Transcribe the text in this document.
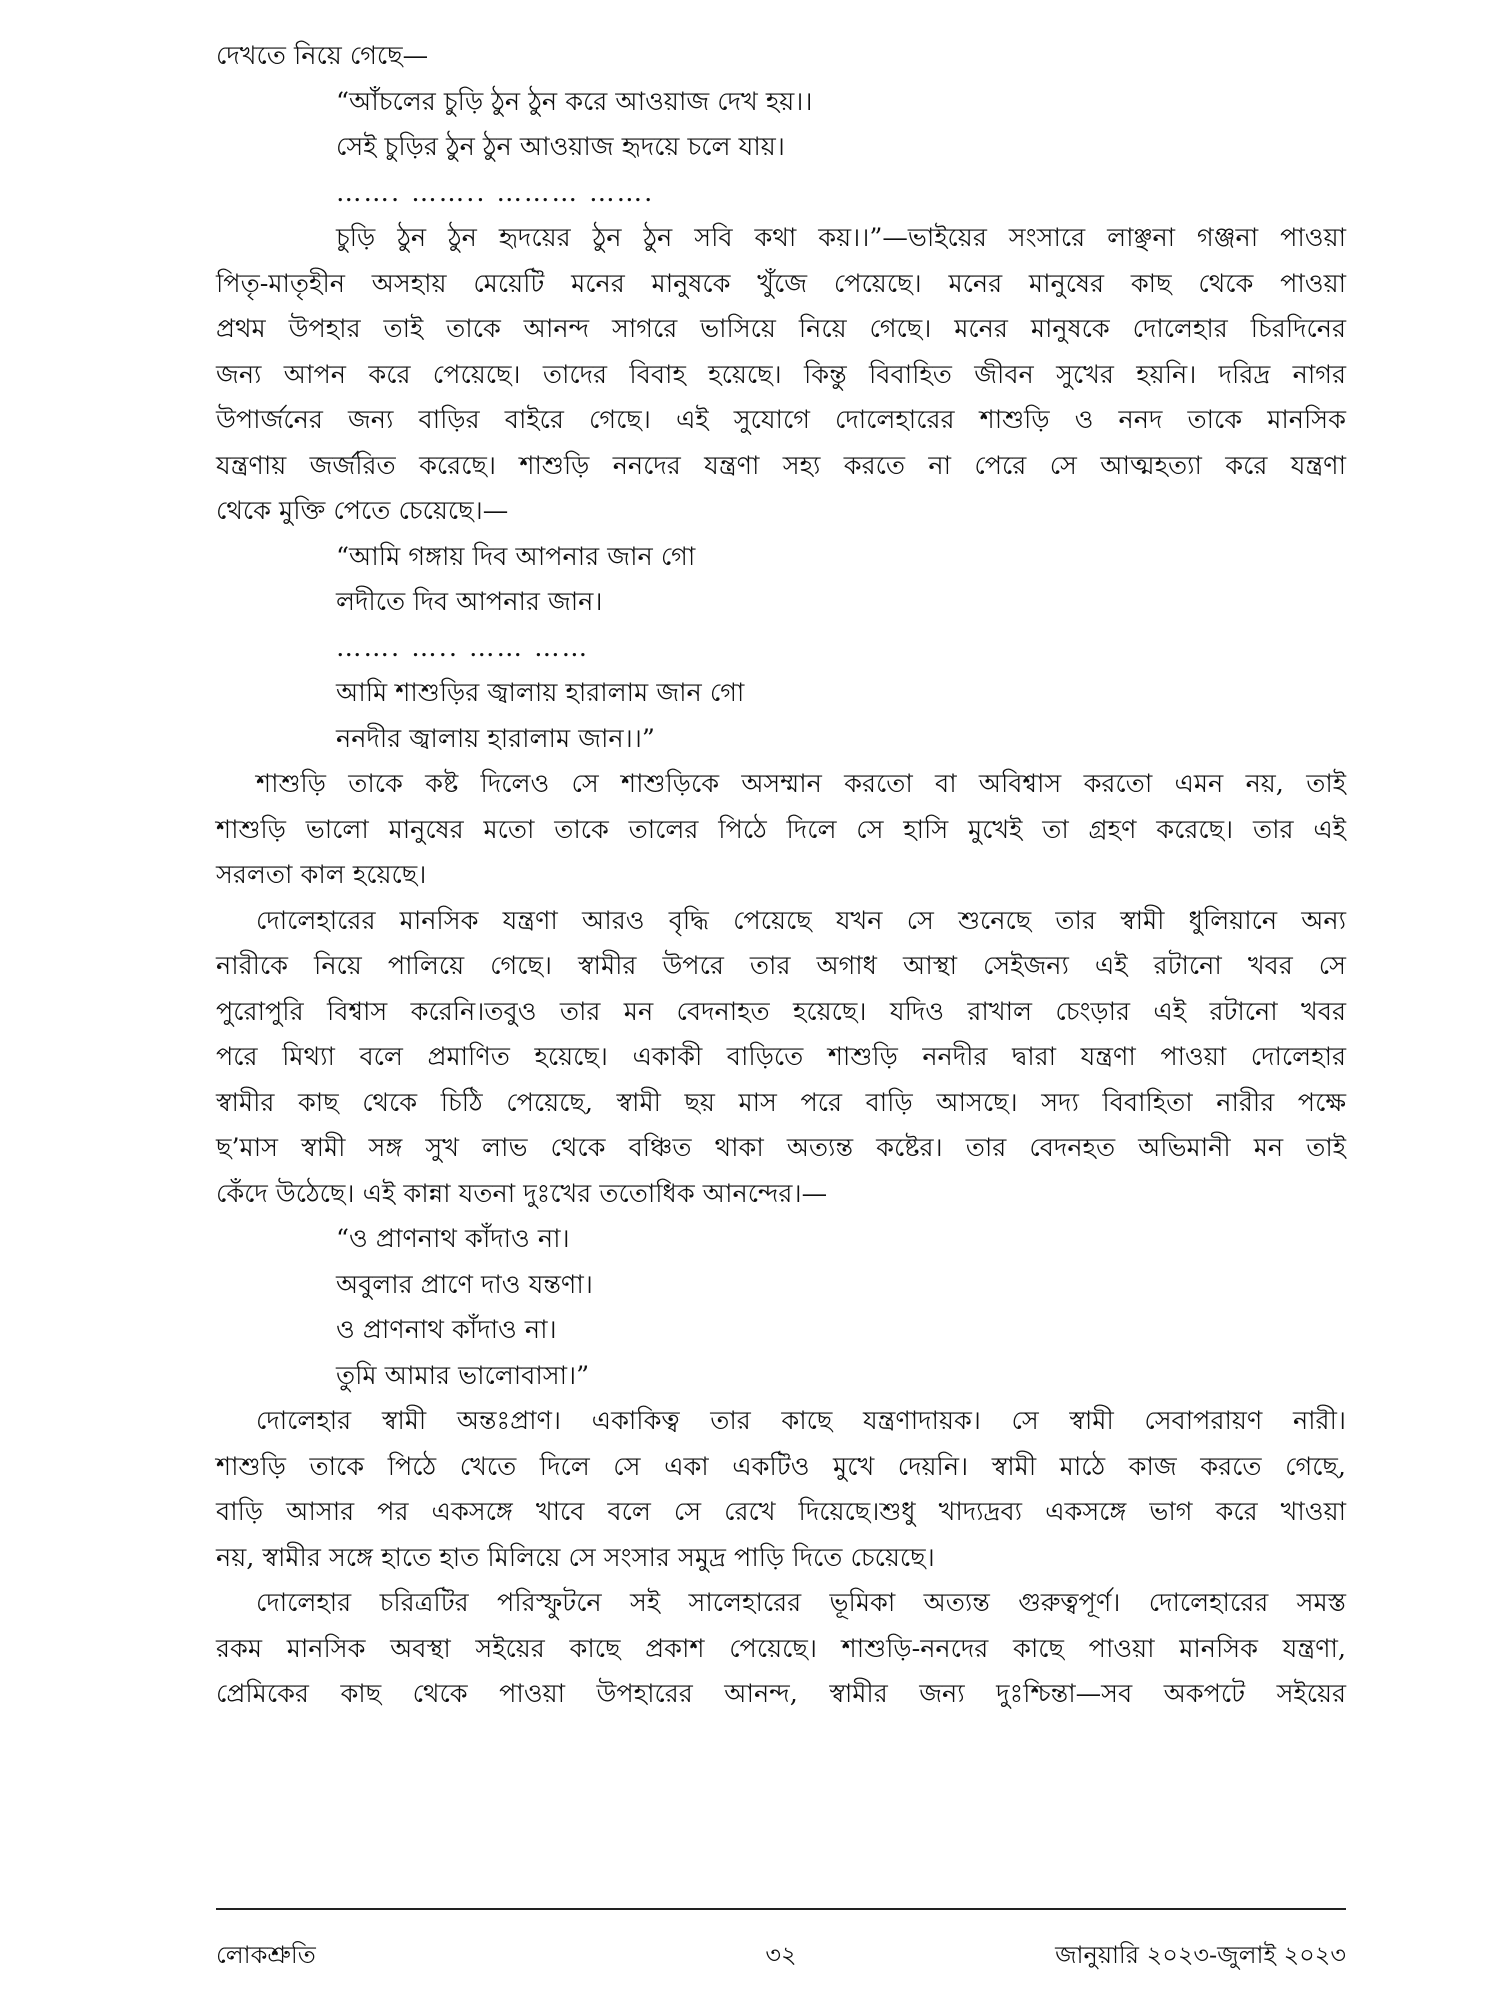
দেখতে নিয়ে গেছে—
“আঁচলের চুড়ি ঠুন ঠুন করে আওয়াজ দেখ হয়।।
সেই চুড়ির ঠুন ঠুন আওয়াজ হৃদয়ে চলে যায়।
……. …….. ……… …….
চুড়ি ঠুন ঠুন হৃদয়ের ঠুন ঠুন সবি কথা কয়।।”—ভাইয়ের সংসারে লাঞ্ছনা গঞ্জনা পাওয়া
পিতৃ-মাতৃহীন অসহায় মেয়েটি মনের মানুষকে খুঁজে পেয়েছে। মনের মানুষের কাছ থেকে পাওয়া
প্রথম উপহার তাই তাকে আনন্দ সাগরে ভাসিয়ে নিয়ে গেছে। মনের মানুষকে দোলেহার চিরদিনের
জন্য আপন করে পেয়েছে। তাদের বিবাহ হয়েছে। কিন্তু বিবাহিত জীবন সুখের হয়নি। দরিদ্র নাগর
উপার্জনের জন্য বাড়ির বাইরে গেছে। এই সুযোগে দোলেহারের শাশুড়ি ও ননদ তাকে মানসিক
যন্ত্রণায় জর্জরিত করেছে। শাশুড়ি ননদের যন্ত্রণা সহ্য করতে না পেরে সে আত্মহত্যা করে যন্ত্রণা
থেকে মুক্তি পেতে চেয়েছে।—
“আমি গঙ্গায় দিব আপনার জান গো
লদীতে দিব আপনার জান।
……. ….. …… ……
আমি শাশুড়ির জ্বালায় হারালাম জান গো
ননদীর জ্বালায় হারালাম জান।।”
শাশুড়ি তাকে কষ্ট দিলেও সে শাশুড়িকে অসম্মান করতো বা অবিশ্বাস করতো এমন নয়, তাই
শাশুড়ি ভালো মানুষের মতো তাকে তালের পিঠে দিলে সে হাসি মুখেই তা গ্রহণ করেছে। তার এই
সরলতা কাল হয়েছে।
দোলেহারের মানসিক যন্ত্রণা আরও বৃদ্ধি পেয়েছে যখন সে শুনেছে তার স্বামী ধুলিয়ানে অন্য
নারীকে নিয়ে পালিয়ে গেছে। স্বামীর উপরে তার অগাধ আস্থা সেইজন্য এই রটানো খবর সে
পুরোপুরি বিশ্বাস করেনি।তবুও তার মন বেদনাহত হয়েছে। যদিও রাখাল চেংড়ার এই রটানো খবর
পরে মিথ্যা বলে প্রমাণিত হয়েছে। একাকী বাড়িতে শাশুড়ি ননদীর দ্বারা যন্ত্রণা পাওয়া দোলেহার
স্বামীর কাছ থেকে চিঠি পেয়েছে, স্বামী ছয় মাস পরে বাড়ি আসছে। সদ্য বিবাহিতা নারীর পক্ষে
ছ’মাস স্বামী সঙ্গ সুখ লাভ থেকে বঞ্চিত থাকা অত্যন্ত কষ্টের। তার বেদনহত অভিমানী মন তাই
কেঁদে উঠেছে। এই কান্না যতনা দুঃখের ততোধিক আনন্দের।—
“ও প্রাণনাথ কাঁদাও না।
অবুলার প্রাণে দাও যন্তণা।
ও প্রাণনাথ কাঁদাও না।
তুমি আমার ভালোবাসা।”
দোলেহার স্বামী অন্তঃপ্রাণ। একাকিত্ব তার কাছে যন্ত্রণাদায়ক। সে স্বামী সেবাপরায়ণ নারী।
শাশুড়ি তাকে পিঠে খেতে দিলে সে একা একটিও মুখে দেয়নি। স্বামী মাঠে কাজ করতে গেছে,
বাড়ি আসার পর একসঙ্গে খাবে বলে সে রেখে দিয়েছে।শুধু খাদ্যদ্রব্য একসঙ্গে ভাগ করে খাওয়া
নয়, স্বামীর সঙ্গে হাতে হাত মিলিয়ে সে সংসার সমুদ্র পাড়ি দিতে চেয়েছে।
দোলেহার চরিত্রটির পরিস্ফুটনে সই সালেহারের ভূমিকা অত্যন্ত গুরুত্বপূর্ণ। দোলেহারের সমস্ত
রকম মানসিক অবস্থা সইয়ের কাছে প্রকাশ পেয়েছে। শাশুড়ি-ননদের কাছে পাওয়া মানসিক যন্ত্রণা,
প্রেমিকের কাছ থেকে পাওয়া উপহারের আনন্দ, স্বামীর জন্য দুঃশ্চিন্তা—সব অকপটে সইয়ের
লোকশ্রুতি	৩২	জানুয়ারি ২০২৩-জুলাই ২০২৩
